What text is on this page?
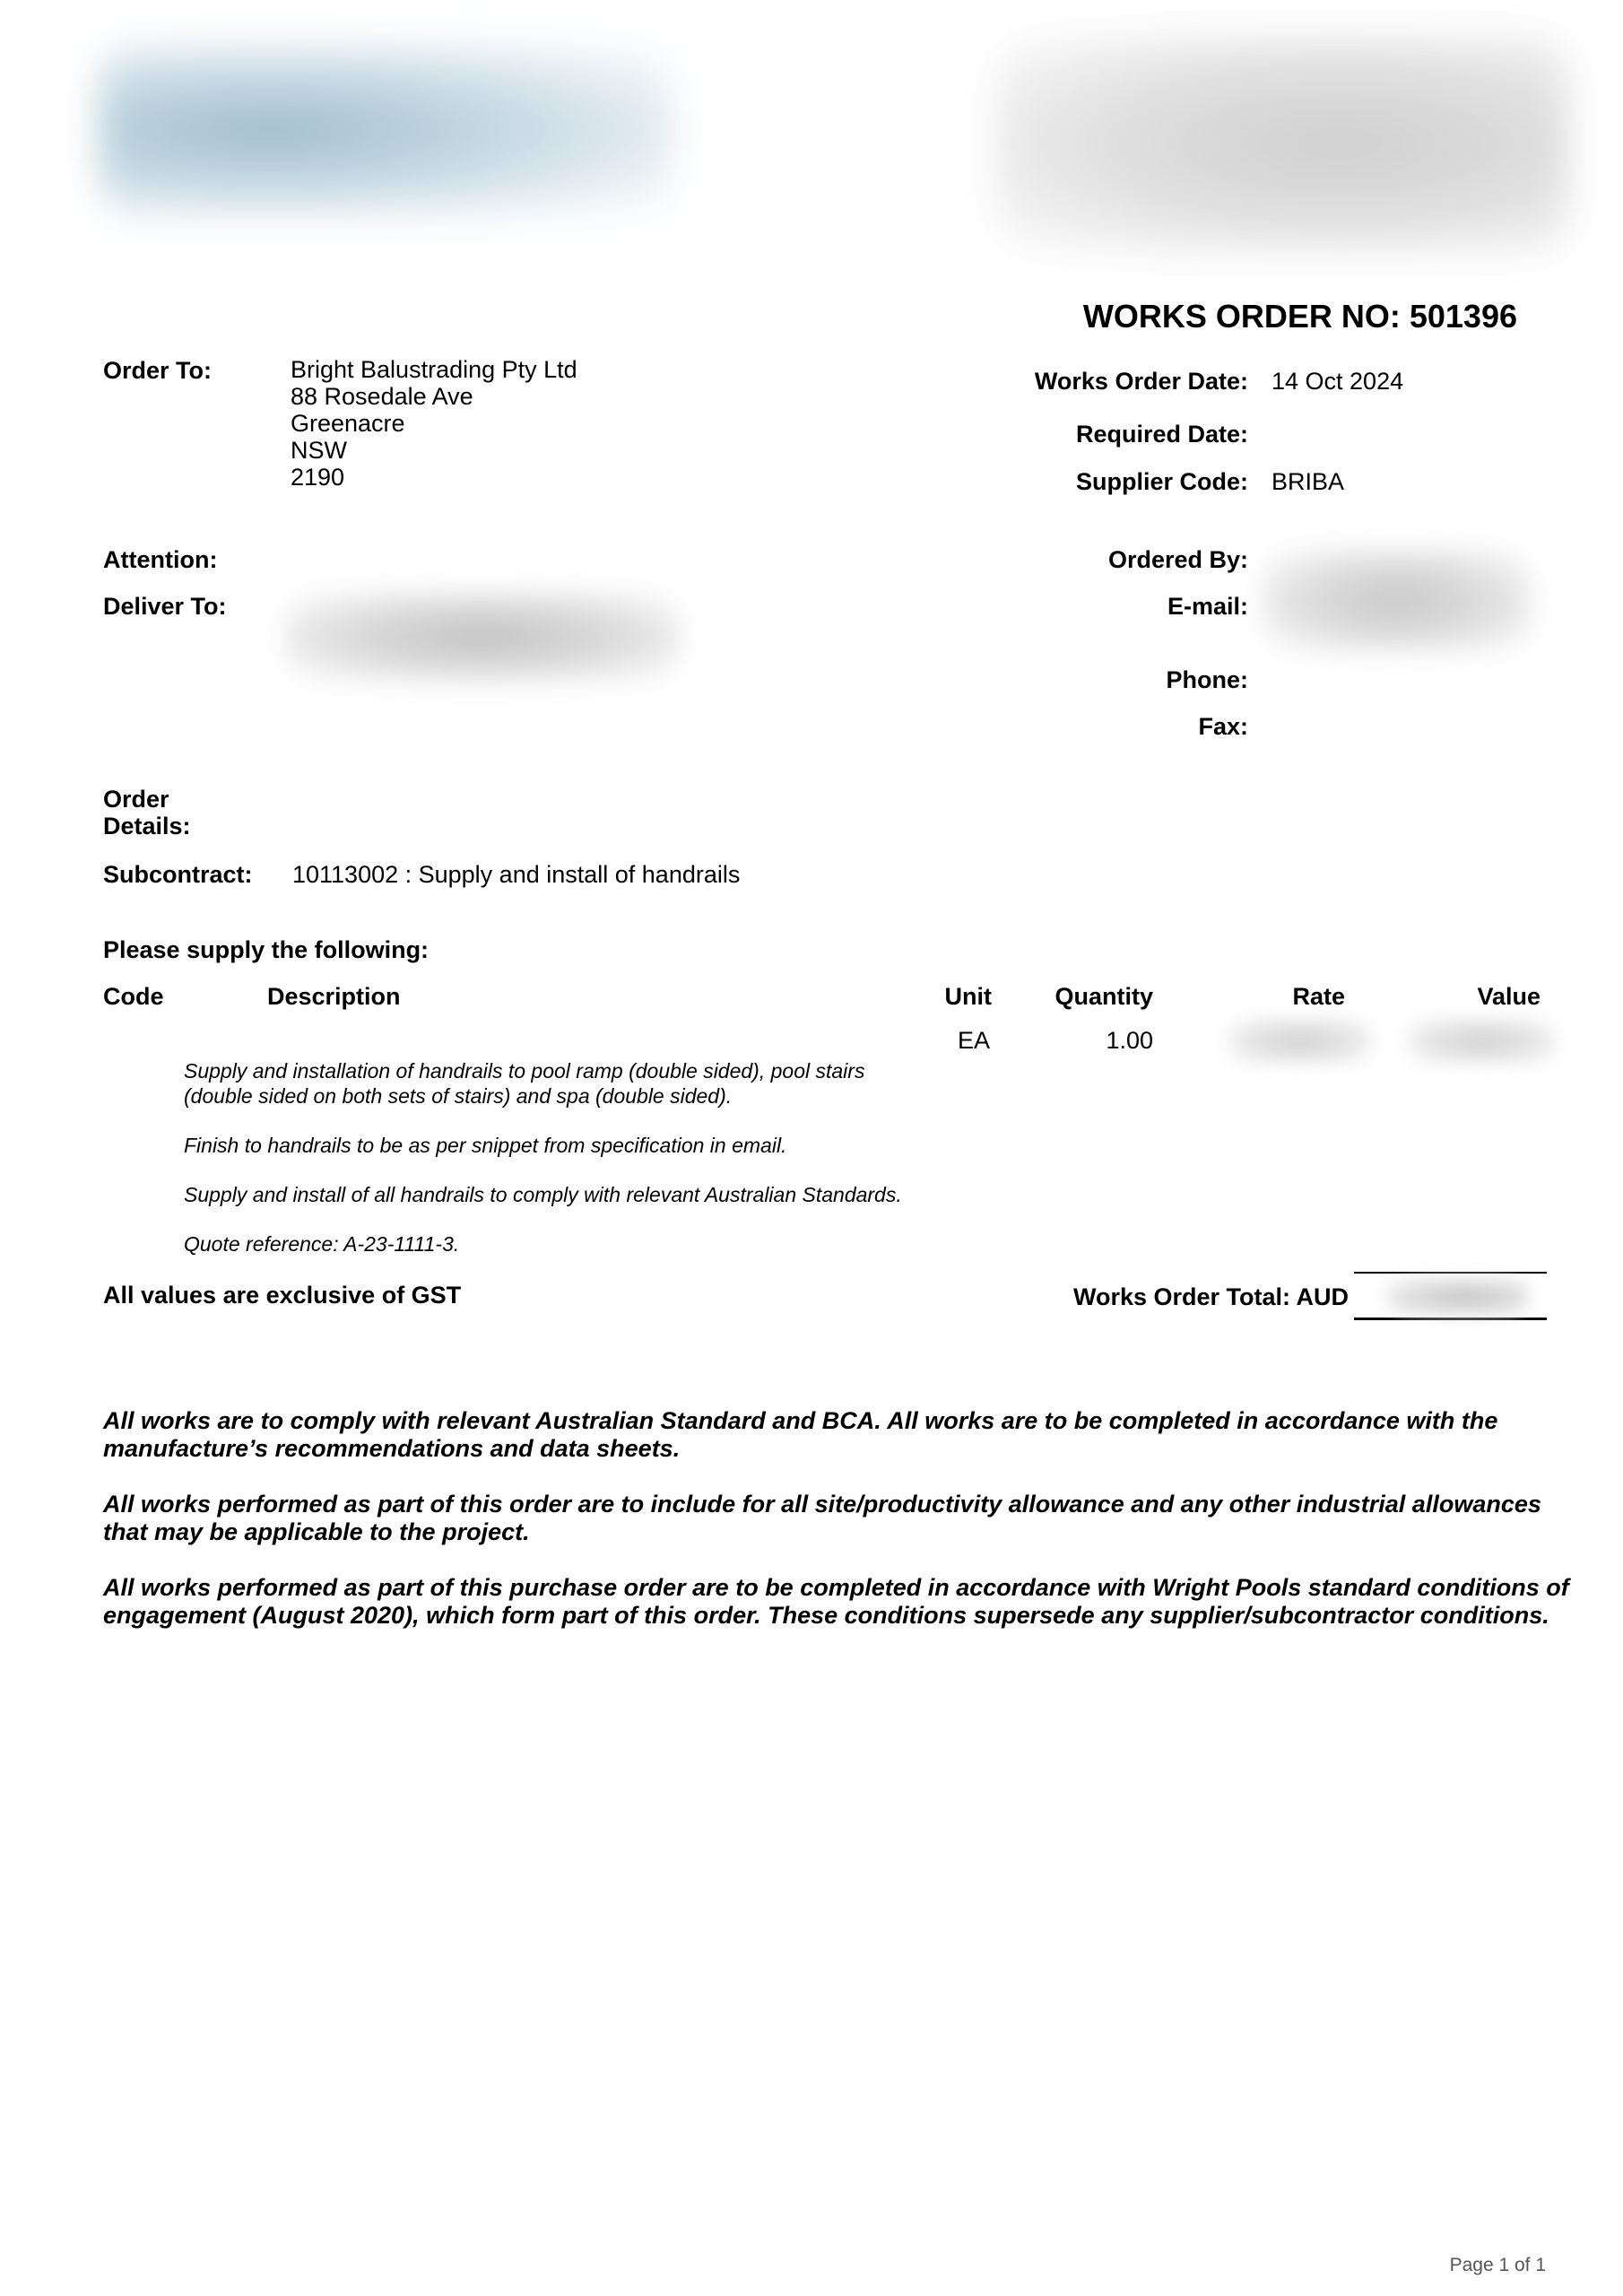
WORKS ORDER NO: 501396
Order To:	Bright Balustrading Pty Ltd
88 Rosedale Ave
Greenacre
NSW
2190
Works Order Date: 14 Oct 2024
Required Date:
Supplier Code: BRIBA
Attention:
Deliver To:
Ordered By:
E-mail:
Phone:
Fax:
Order
Details:
Subcontract: 10113002 : Supply and install of handrails
Please supply the following:
Code	Description	Unit	Quantity	Rate	Value
EA	1.00
Supply and installation of handrails to pool ramp (double sided), pool stairs
(double sided on both sets of stairs) and spa (double sided).
Finish to handrails to be as per snippet from specification in email.
Supply and install of all handrails to comply with relevant Australian Standards.
Quote reference: A-23-1111-3.
All values are exclusive of GST	Works Order Total: AUD

All works are to comply with relevant Australian Standard and BCA. All works are to be completed in accordance with the manufacture’s recommendations and data sheets.

All works performed as part of this order are to include for all site/productivity allowance and any other industrial allowances that may be applicable to the project.

All works performed as part of this purchase order are to be completed in accordance with Wright Pools standard conditions of engagement (August 2020), which form part of this order. These conditions supersede any supplier/subcontractor conditions.

Page 1 of 1
